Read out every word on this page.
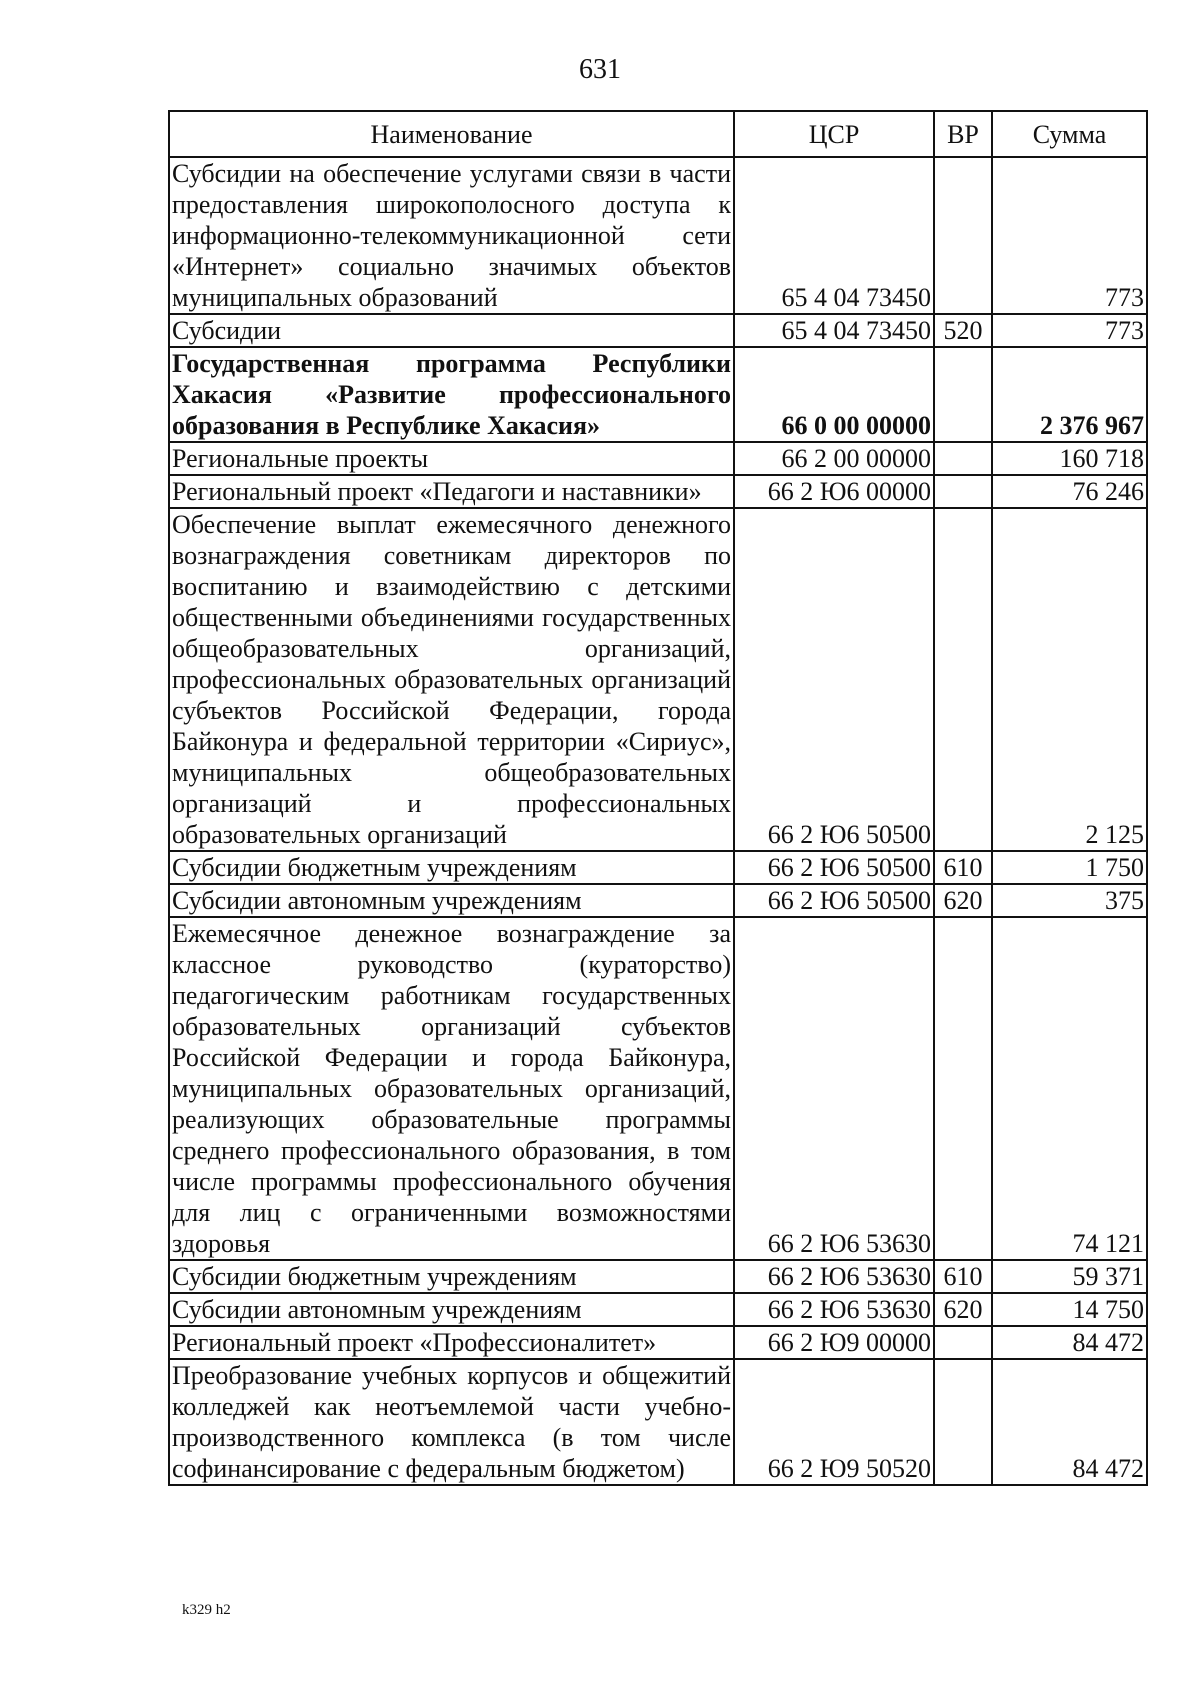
631
Наименование	ЦСР	ВР	Сумма
Субсидии на обеспечение услугами связи в части предоставления широкополосного доступа к информационно-телекоммуникационной сети «Интернет» социально значимых объектов муниципальных образований	65 4 04 73450		773
Субсидии	65 4 04 73450	520	773
Государственная программа Республики Хакасия «Развитие профессионального образования в Республике Хакасия»	66 0 00 00000		2 376 967
Региональные проекты	66 2 00 00000		160 718
Региональный проект «Педагоги и наставники»	66 2 Ю6 00000		76 246
Обеспечение выплат ежемесячного денежного вознаграждения советникам директоров по воспитанию и взаимодействию с детскими общественными объединениями государственных общеобразовательных организаций, профессиональных образовательных организаций субъектов Российской Федерации, города Байконура и федеральной территории «Сириус», муниципальных общеобразовательных организаций и профессиональных образовательных организаций	66 2 Ю6 50500		2 125
Субсидии бюджетным учреждениям	66 2 Ю6 50500	610	1 750
Субсидии автономным учреждениям	66 2 Ю6 50500	620	375
Ежемесячное денежное вознаграждение за классное руководство (кураторство) педагогическим работникам государственных образовательных организаций субъектов Российской Федерации и города Байконура, муниципальных образовательных организаций, реализующих образовательные программы среднего профессионального образования, в том числе программы профессионального обучения для лиц с ограниченными возможностями здоровья	66 2 Ю6 53630		74 121
Субсидии бюджетным учреждениям	66 2 Ю6 53630	610	59 371
Субсидии автономным учреждениям	66 2 Ю6 53630	620	14 750
Региональный проект «Профессионалитет»	66 2 Ю9 00000		84 472
Преобразование учебных корпусов и общежитий колледжей как неотъемлемой части учебно-производственного комплекса (в том числе софинансирование с федеральным бюджетом)	66 2 Ю9 50520		84 472
k329 h2
